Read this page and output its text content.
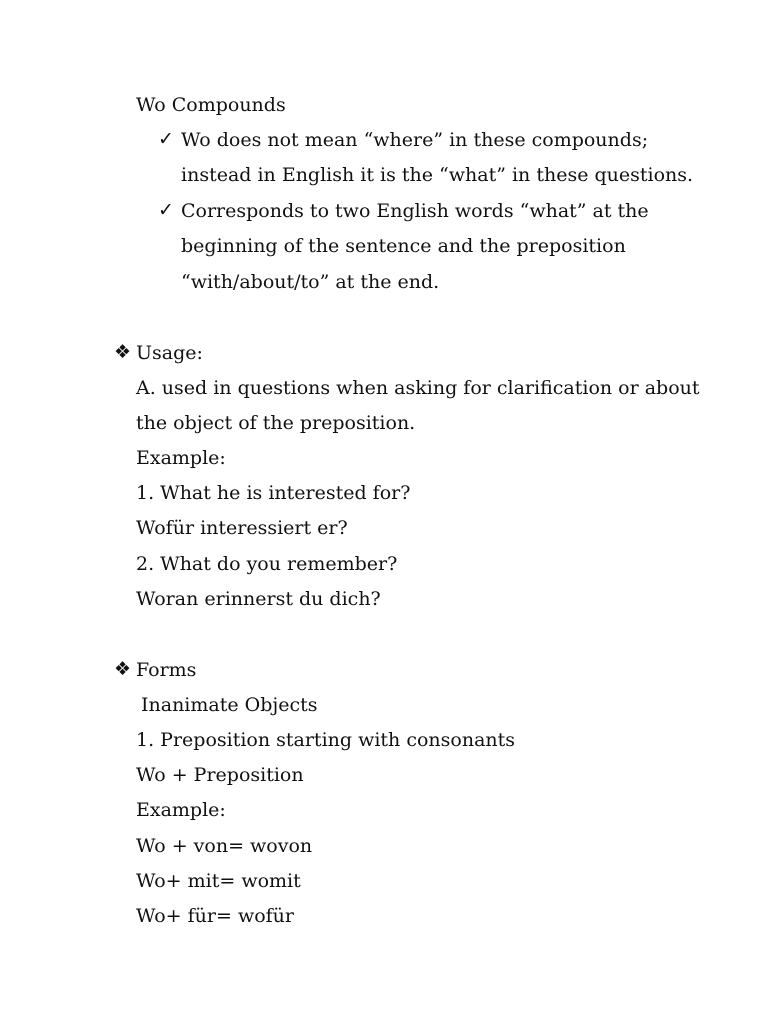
Wo Compounds
✓ Wo does not mean “where” in these compounds;
instead in English it is the “what” in these questions.
✓ Corresponds to two English words “what” at the
beginning of the sentence and the preposition
“with/about/to” at the end.
❖ Usage:
A. used in questions when asking for clarification or about
the object of the preposition.
Example:
1. What he is interested for?
Wofür interessiert er?
2. What do you remember?
Woran erinnerst du dich?
❖ Forms
Inanimate Objects
1. Preposition starting with consonants
Wo + Preposition
Example:
Wo + von= wovon
Wo+ mit= womit
Wo+ für= wofür
